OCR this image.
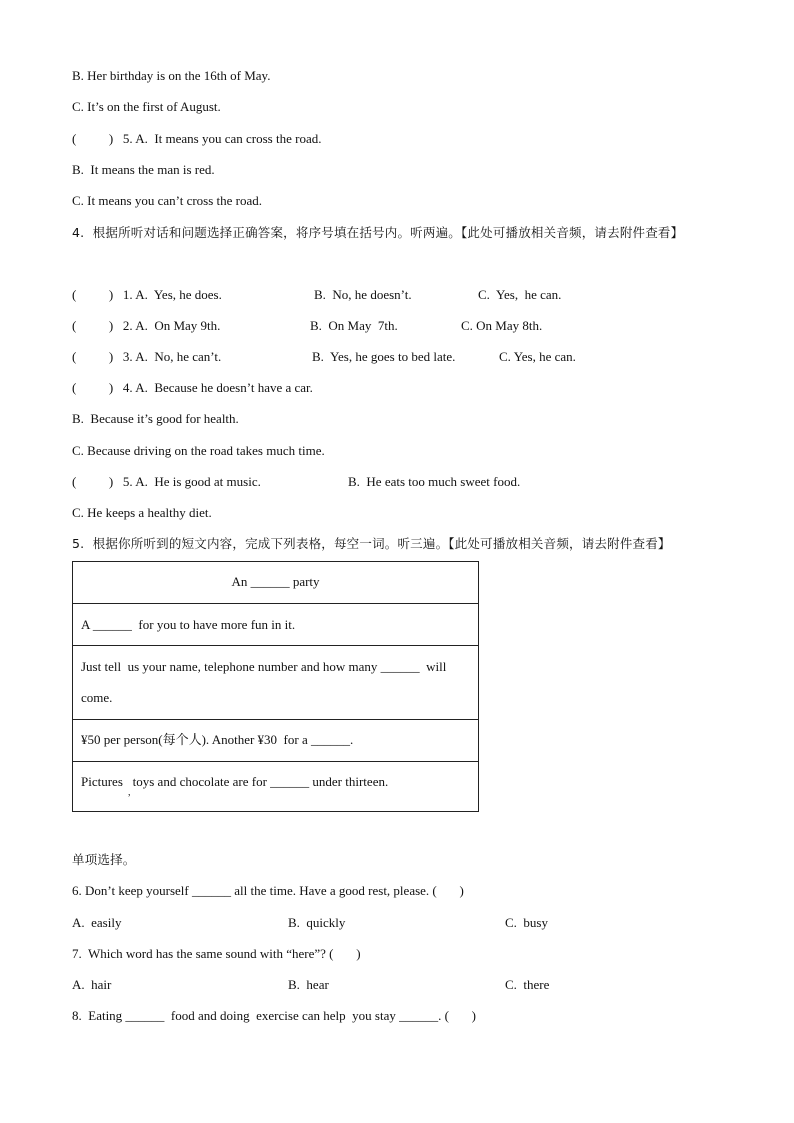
B. Her birthday is on the 16th of May.
C. It’s on the first of August.
(          )   5. A.  It means you can cross the road.
B.  It means the man is red.
C. It means you can’t cross the road.
4.  根据所听对话和问题选择正确答案，将序号填在括号内。听两遍。【此处可播放相关音频，请去附件查看】
(          )   1. A.  Yes, he does.	B.  No, he doesn’t.	C.  Yes,  he can.
(          )   2. A.  On May 9th.	B.  On May  7th.	C. On May 8th.
(          )   3. A.  No, he can’t.	B.  Yes, he goes to bed late.	C. Yes, he can.
(          )   4. A.  Because he doesn’t have a car.
B.  Because it’s good for health.
C. Because driving on the road takes much time.
(          )   5. A.  He is good at music.	B.  He eats too much sweet food.
C. He keeps a healthy diet.
5.  根据你所听到的短文内容，完成下列表格，每空一词。听三遍。【此处可播放相关音频，请去附件查看】
An ______ party
A ______  for you to have more fun in it.
Just tell  us your name, telephone number and how many ______  will
come.
¥50 per person(每个人). Another ¥30  for a ______.
Pictures   toys and chocolate are for ______ under thirteen.
,
单项选择。
6. Don’t keep yourself ______ all the time. Have a good rest, please. (       )
A.  easily	B.  quickly	C.  busy
7.  Which word has the same sound with “here”? (       )
A.  hair	B.  hear	C.  there
8.  Eating ______  food and doing  exercise can help  you stay ______. (       )
